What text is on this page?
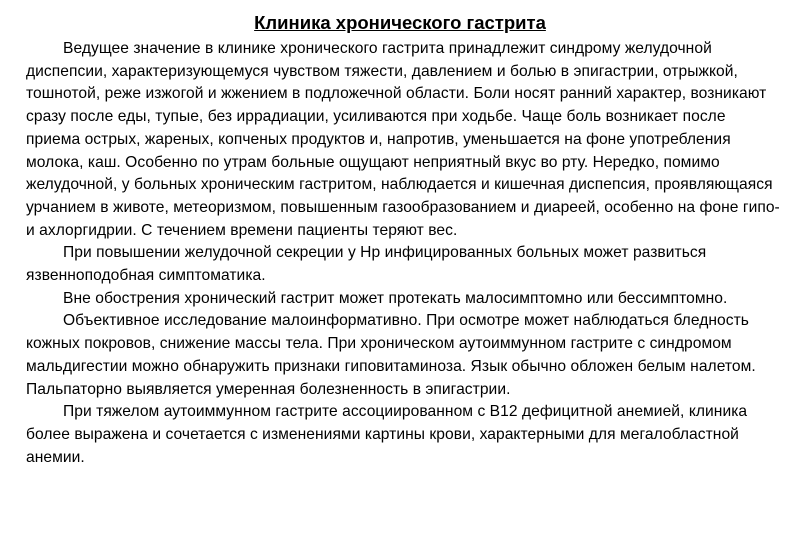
Клиника хронического гастрита

Ведущее значение в клинике хронического гастрита принадлежит синдрому желудочной диспепсии, характеризующемуся чувством тяжести, давлением и болью в эпигастрии, отрыжкой, тошнотой, реже изжогой и жжением в подложечной области. Боли носят ранний характер, возникают сразу после еды, тупые, без иррадиации, усиливаются при ходьбе. Чаще боль возникает после приема острых, жареных, копченых продуктов и, напротив, уменьшается на фоне употребления молока, каш. Особенно по утрам больные ощущают неприятный вкус во рту. Нередко, помимо желудочной, у больных хроническим гастритом, наблюдается и кишечная диспепсия, проявляющаяся урчанием в животе, метеоризмом, повышенным газообразованием и диареей, особенно на фоне гипо- и ахлоргидрии. С течением времени пациенты теряют вес.

При повышении желудочной секреции у Hp инфицированных больных может развиться язвенноподобная симптоматика.

Вне обострения хронический гастрит может протекать малосимптомно или бессимптомно.

Объективное исследование малоинформативно. При осмотре может наблюдаться бледность кожных покровов, снижение массы тела. При хроническом аутоиммунном гастрите с синдромом мальдигестии можно обнаружить признаки гиповитаминоза. Язык обычно обложен белым налетом. Пальпаторно выявляется умеренная болезненность в эпигастрии.

При тяжелом аутоиммунном гастрите ассоциированном с В12 дефицитной анемией, клиника более выражена и сочетается с изменениями картины крови, характерными для мегалобластной анемии.
